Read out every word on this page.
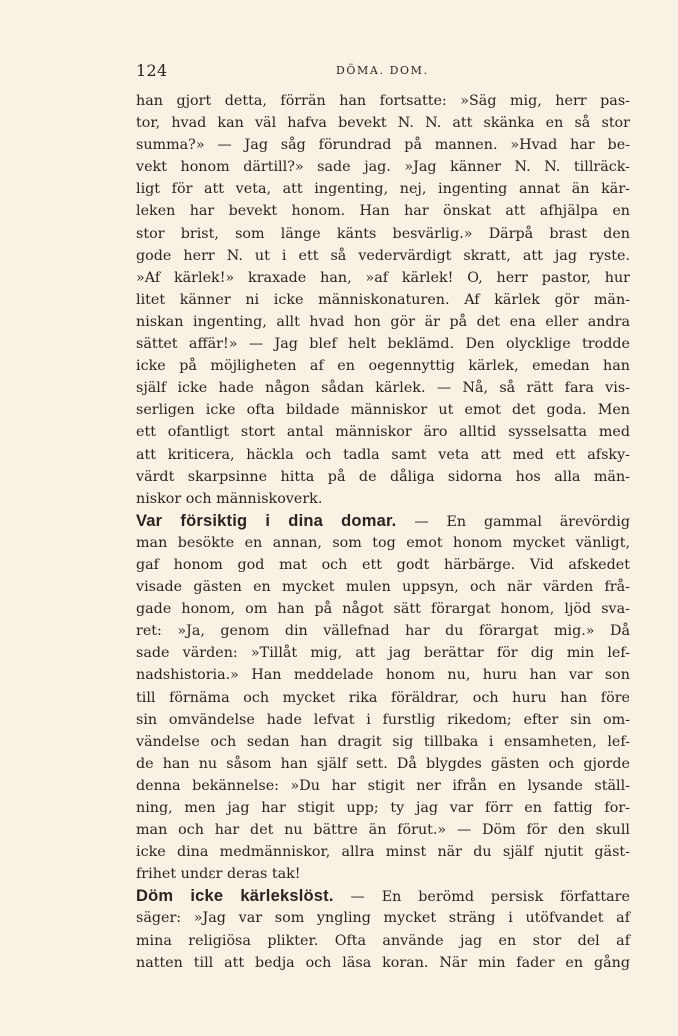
124	DÖMA. DOM.
han gjort detta, förrän han fortsatte: »Säg mig, herr pas-
tor, hvad kan väl hafva bevekt N. N. att skänka en så stor
summa?» — Jag såg förundrad på mannen. »Hvad har be-
vekt honom därtill?» sade jag. »Jag känner N. N. tillräck-
ligt för att veta, att ingenting, nej, ingenting annat än kär-
leken har bevekt honom. Han har önskat att afhjälpa en
stor brist, som länge känts besvärlig.» Därpå brast den
gode herr N. ut i ett så vedervärdigt skratt, att jag ryste.
»Af kärlek!» kraxade han, »af kärlek! O, herr pastor, hur
litet känner ni icke människonaturen. Af kärlek gör män-
niskan ingenting, allt hvad hon gör är på det ena eller andra
sättet affär!» — Jag blef helt beklämd. Den olycklige trodde
icke på möjligheten af en oegennyttig kärlek, emedan han
själf icke hade någon sådan kärlek. — Nå, så rätt fara vis-
serligen icke ofta bildade människor ut emot det goda. Men
ett ofantligt stort antal människor äro alltid sysselsatta med
att kriticera, häckla och tadla samt veta att med ett afsky-
värdt skarpsinne hitta på de dåliga sidorna hos alla män-
niskor och människoverk.
Var försiktig i dina domar. — En gammal ärevördig
man besökte en annan, som tog emot honom mycket vänligt,
gaf honom god mat och ett godt härbärge. Vid afskedet
visade gästen en mycket mulen uppsyn, och när värden frå-
gade honom, om han på något sätt förargat honom, ljöd sva-
ret: »Ja, genom din vällefnad har du förargat mig.» Då
sade värden: »Tillåt mig, att jag berättar för dig min lef-
nadshistoria.» Han meddelade honom nu, huru han var son
till förnäma och mycket rika föräldrar, och huru han före
sin omvändelse hade lefvat i furstlig rikedom; efter sin om-
vändelse och sedan han dragit sig tillbaka i ensamheten, lef-
de han nu såsom han själf sett. Då blygdes gästen och gjorde
denna bekännelse: »Du har stigit ner ifrån en lysande ställ-
ning, men jag har stigit upp; ty jag var förr en fattig for-
man och har det nu bättre än förut.» — Döm för den skull
icke dina medmänniskor, allra minst när du själf njutit gäst-
frihet undεr deras tak!
Döm icke kärlekslöst. — En berömd persisk författare
säger: »Jag var som yngling mycket sträng i utöfvandet af
mina religiösa plikter. Ofta använde jag en stor del af
natten till att bedja och läsa koran. När min fader en gång
